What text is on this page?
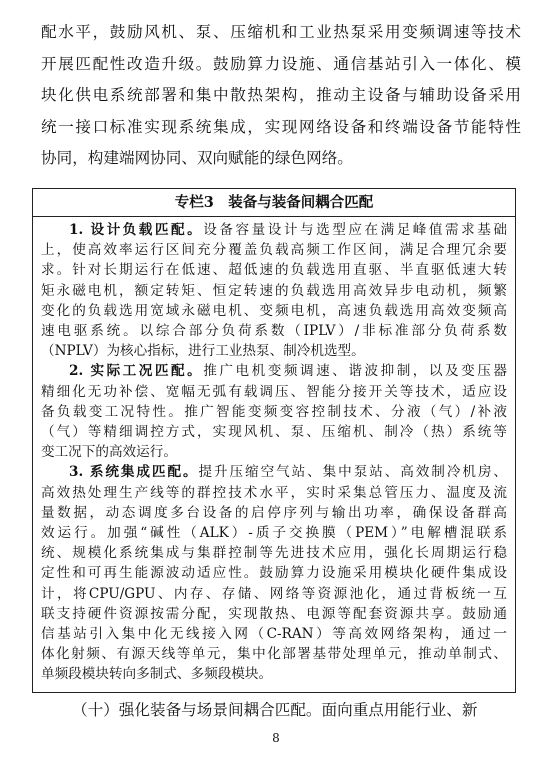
配水平，鼓励风机、泵、压缩机和工业热泵采用变频调速等技术
开展匹配性改造升级。鼓励算力设施、通信基站引入一体化、模
块化供电系统部署和集中散热架构，推动主设备与辅助设备采用
统一接口标准实现系统集成，实现网络设备和终端设备节能特性
协同，构建端网协同、双向赋能的绿色网络。
专栏3　装备与装备间耦合匹配
1. 设计负载匹配。设备容量设计与选型应在满足峰值需求基础
上，使高效率运行区间充分覆盖负载高频工作区间，满足合理冗余要
求。针对长期运行在低速、超低速的负载选用直驱、半直驱低速大转
矩永磁电机，额定转矩、恒定转速的负载选用高效异步电动机，频繁
变化的负载选用宽域永磁电机、变频电机，高速负载选用高效变频高
速电驱系统。以综合部分负荷系数（IPLV）/非标准部分负荷系数
（NPLV）为核心指标，进行工业热泵、制冷机选型。
2. 实际工况匹配。推广电机变频调速、谐波抑制，以及变压器
精细化无功补偿、宽幅无弧有载调压、智能分接开关等技术，适应设
备负载变工况特性。推广智能变频变容控制技术、分液（气）/补液
（气）等精细调控方式，实现风机、泵、压缩机、制冷（热）系统等
变工况下的高效运行。
3. 系统集成匹配。提升压缩空气站、集中泵站、高效制冷机房、
高效热处理生产线等的群控技术水平，实时采集总管压力、温度及流
量数据，动态调度多台设备的启停序列与输出功率，确保设备群高
效运行。加强“碱性（ALK）-质子交换膜（PEM）”电解槽混联系
统、规模化系统集成与集群控制等先进技术应用，强化长周期运行稳
定性和可再生能源波动适应性。鼓励算力设施采用模块化硬件集成设
计，将CPU/GPU、内存、存储、网络等资源池化，通过背板统一互
联支持硬件资源按需分配，实现散热、电源等配套资源共享。鼓励通
信基站引入集中化无线接入网（C-RAN）等高效网络架构，通过一
体化射频、有源天线等单元，集中化部署基带处理单元，推动单制式、
单频段模块转向多制式、多频段模块。
（十）强化装备与场景间耦合匹配。面向重点用能行业、新
8
